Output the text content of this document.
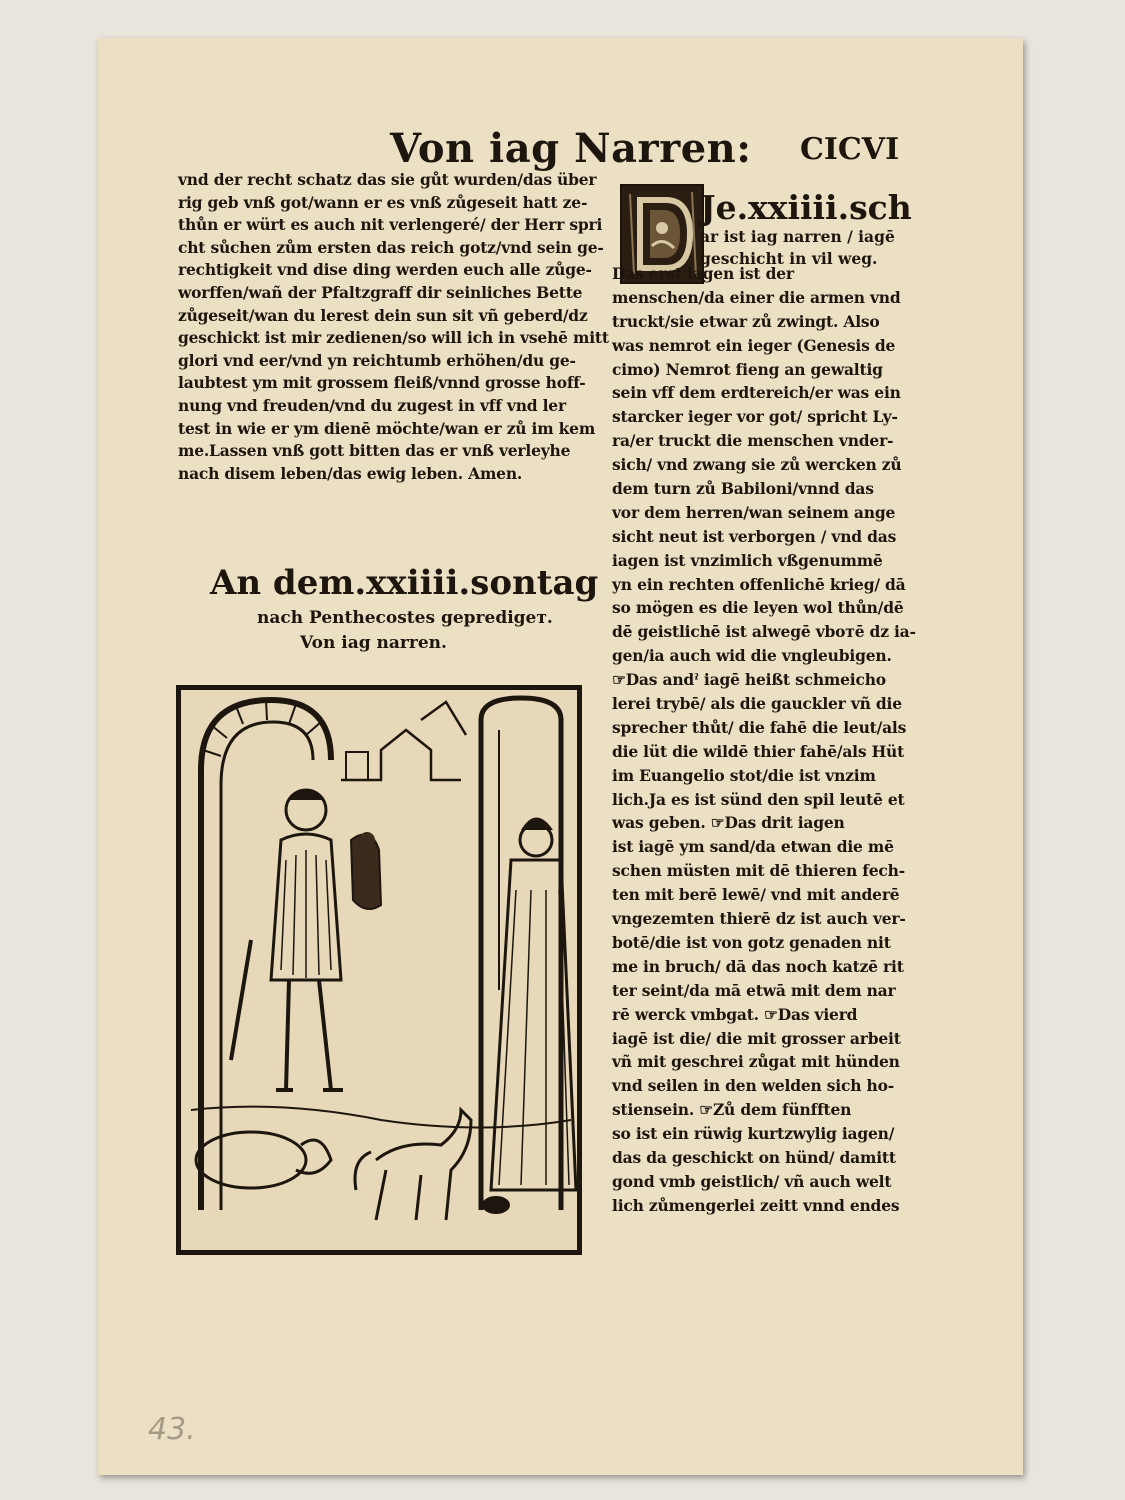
Von iag Narren: CICVI
vnd der recht schatz das sie gůt wurden/das über
rig geb vnß got/wann er es vnß zůgeseit hatt ze-
thůn er würt es auch nit verlengeré/ der Herr spri
cht sůchen zům ersten das reich gotz/vnd sein ge-
rechtigkeit vnd dise ding werden euch alle zůge-
worffen/wañ der Pfaltzgraff dir seinliches Bette
zůgeseit/wan du lerest dein sun sit vñ geberd/dz
geschickt ist mir zedienen/so will ich in vsehē mitt
glori vnd eer/vnd yn reichtumb erhöhen/du ge-
laubtest ym mit grossem fleiß/vnnd grosse hoff-
nung vnd freuden/vnd du zugest in vff vnd ler
test in wie er ym dienē möchte/wan er zů im kem
me.Lassen vnß gott bitten das er vnß verleyhe
nach disem leben/das ewig leben. Amen.
An dem.xxiiii.sontag
nach Penthecostes gepredigeт.
Von iag narren.
Je.xxiiii.sch
ar ist iag narren / iagē
geschicht in vil weg.
Das erst iagen ist der
menschen/da einer die armen vnd
truckt/sie etwar zů zwingt. Also
was nemrot ein ieger (Genesis de
cimo) Nemrot fieng an gewaltig
sein vff dem erdtereich/er was ein
starcker ieger vor got/ spricht Ly-
ra/er truckt die menschen vnder-
sich/ vnd zwang sie zů wercken zů
dem turn zů Babiloni/vnnd das
vor dem herren/wan seinem ange
sicht neut ist verborgen / vnd das
iagen ist vnzimlich vßgenummē
yn ein rechten offenlichē krieg/ dā
so mögen es die leyen wol thůn/dē
dē geistlichē ist alwegē vboтē dz ia-
gen/ia auch wid die vngleubigen.
☞Das andˀ iagē heißt schmeicho
lerei trybē/ als die gauckler vñ die
sprecher thůt/ die fahē die leut/als
die lüt die wildē thier fahē/als Hüt
im Euangelio stot/die ist vnzim
lich.Ja es ist sünd den spil leutē et
was geben. ☞Das drit iagen
ist iagē ym sand/da etwan die mē
schen müsten mit dē thieren fech-
ten mit berē lewē/ vnd mit anderē
vngezemten thierē dz ist auch ver-
botē/die ist von gotz genaden nit
me in bruch/ dā das noch katzē rit
ter seint/da mā etwā mit dem nar
rē werck vmbgat. ☞Das vierd
iagē ist die/ die mit grosser arbeit
vñ mit geschrei zůgat mit hünden
vnd seilen in den welden sich ho-
stiensein. ☞Zů dem fünfften
so ist ein rüwig kurtzwylig iagen/
das da geschickt on hünd/ damitt
gond vmb geistlich/ vñ auch welt
lich zůmengerlei zeitt vnnd endes
43.
